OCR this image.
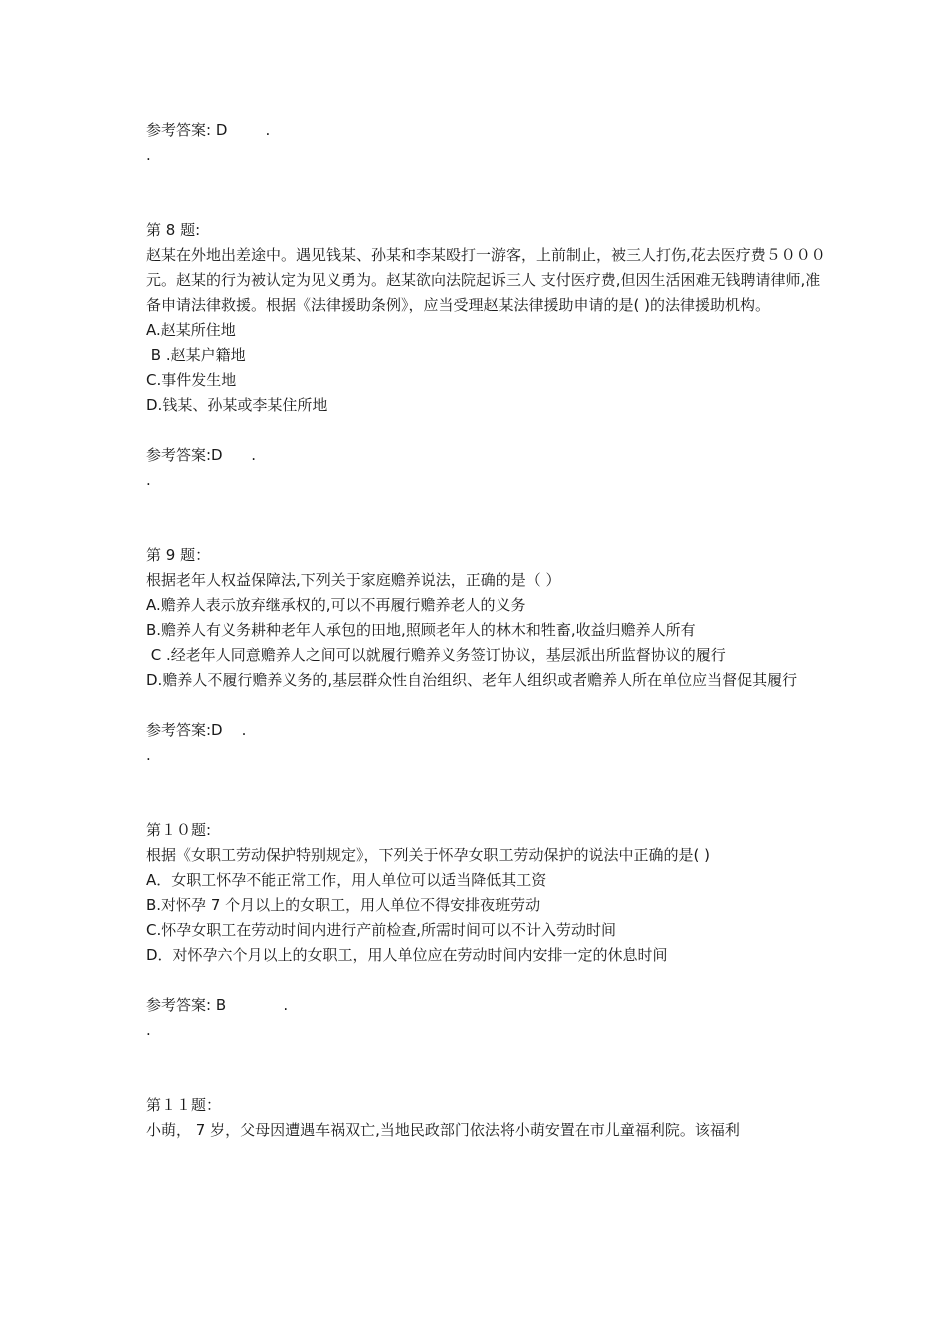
参考答案: D        .
.
第 8 题:
赵某在外地出差途中。遇见钱某、孙某和李某殴打一游客，上前制止，被三人打伤,花去医疗费５０００元。赵某的行为被认定为见义勇为。赵某欲向法院起诉三人 支付医疗费,但因生活困难无钱聘请律师,准备申请法律救援。根据《法律援助条例》，应当受理赵某法律援助申请的是( )的法律援助机构。
A.赵某所住地
B .赵某户籍地
C.事件发生地
D.钱某、孙某或李某住所地
参考答案:D      .
.
第 9 题：
根据老年人权益保障法,下列关于家庭赡养说法，正确的是（ ）
A.赡养人表示放弃继承权的,可以不再履行赡养老人的义务
B.赡养人有义务耕种老年人承包的田地,照顾老年人的林木和牲畜,收益归赡养人所有
C .经老年人同意赡养人之间可以就履行赡养义务签订协议，基层派出所监督协议的履行
D.赡养人不履行赡养义务的,基层群众性自治组织、老年人组织或者赡养人所在单位应当督促其履行
参考答案:D    .
.
第１０题:
根据《女职工劳动保护特别规定》，下列关于怀孕女职工劳动保护的说法中正确的是( )
A．女职工怀孕不能正常工作，用人单位可以适当降低其工资
B.对怀孕 7 个月以上的女职工，用人单位不得安排夜班劳动
C.怀孕女职工在劳动时间内进行产前检查,所需时间可以不计入劳动时间
D．对怀孕六个月以上的女职工，用人单位应在劳动时间内安排一定的休息时间
参考答案: B            .
.
第１１题：
小萌， 7 岁，父母因遭遇车祸双亡,当地民政部门依法将小萌安置在市儿童福利院。该福利
